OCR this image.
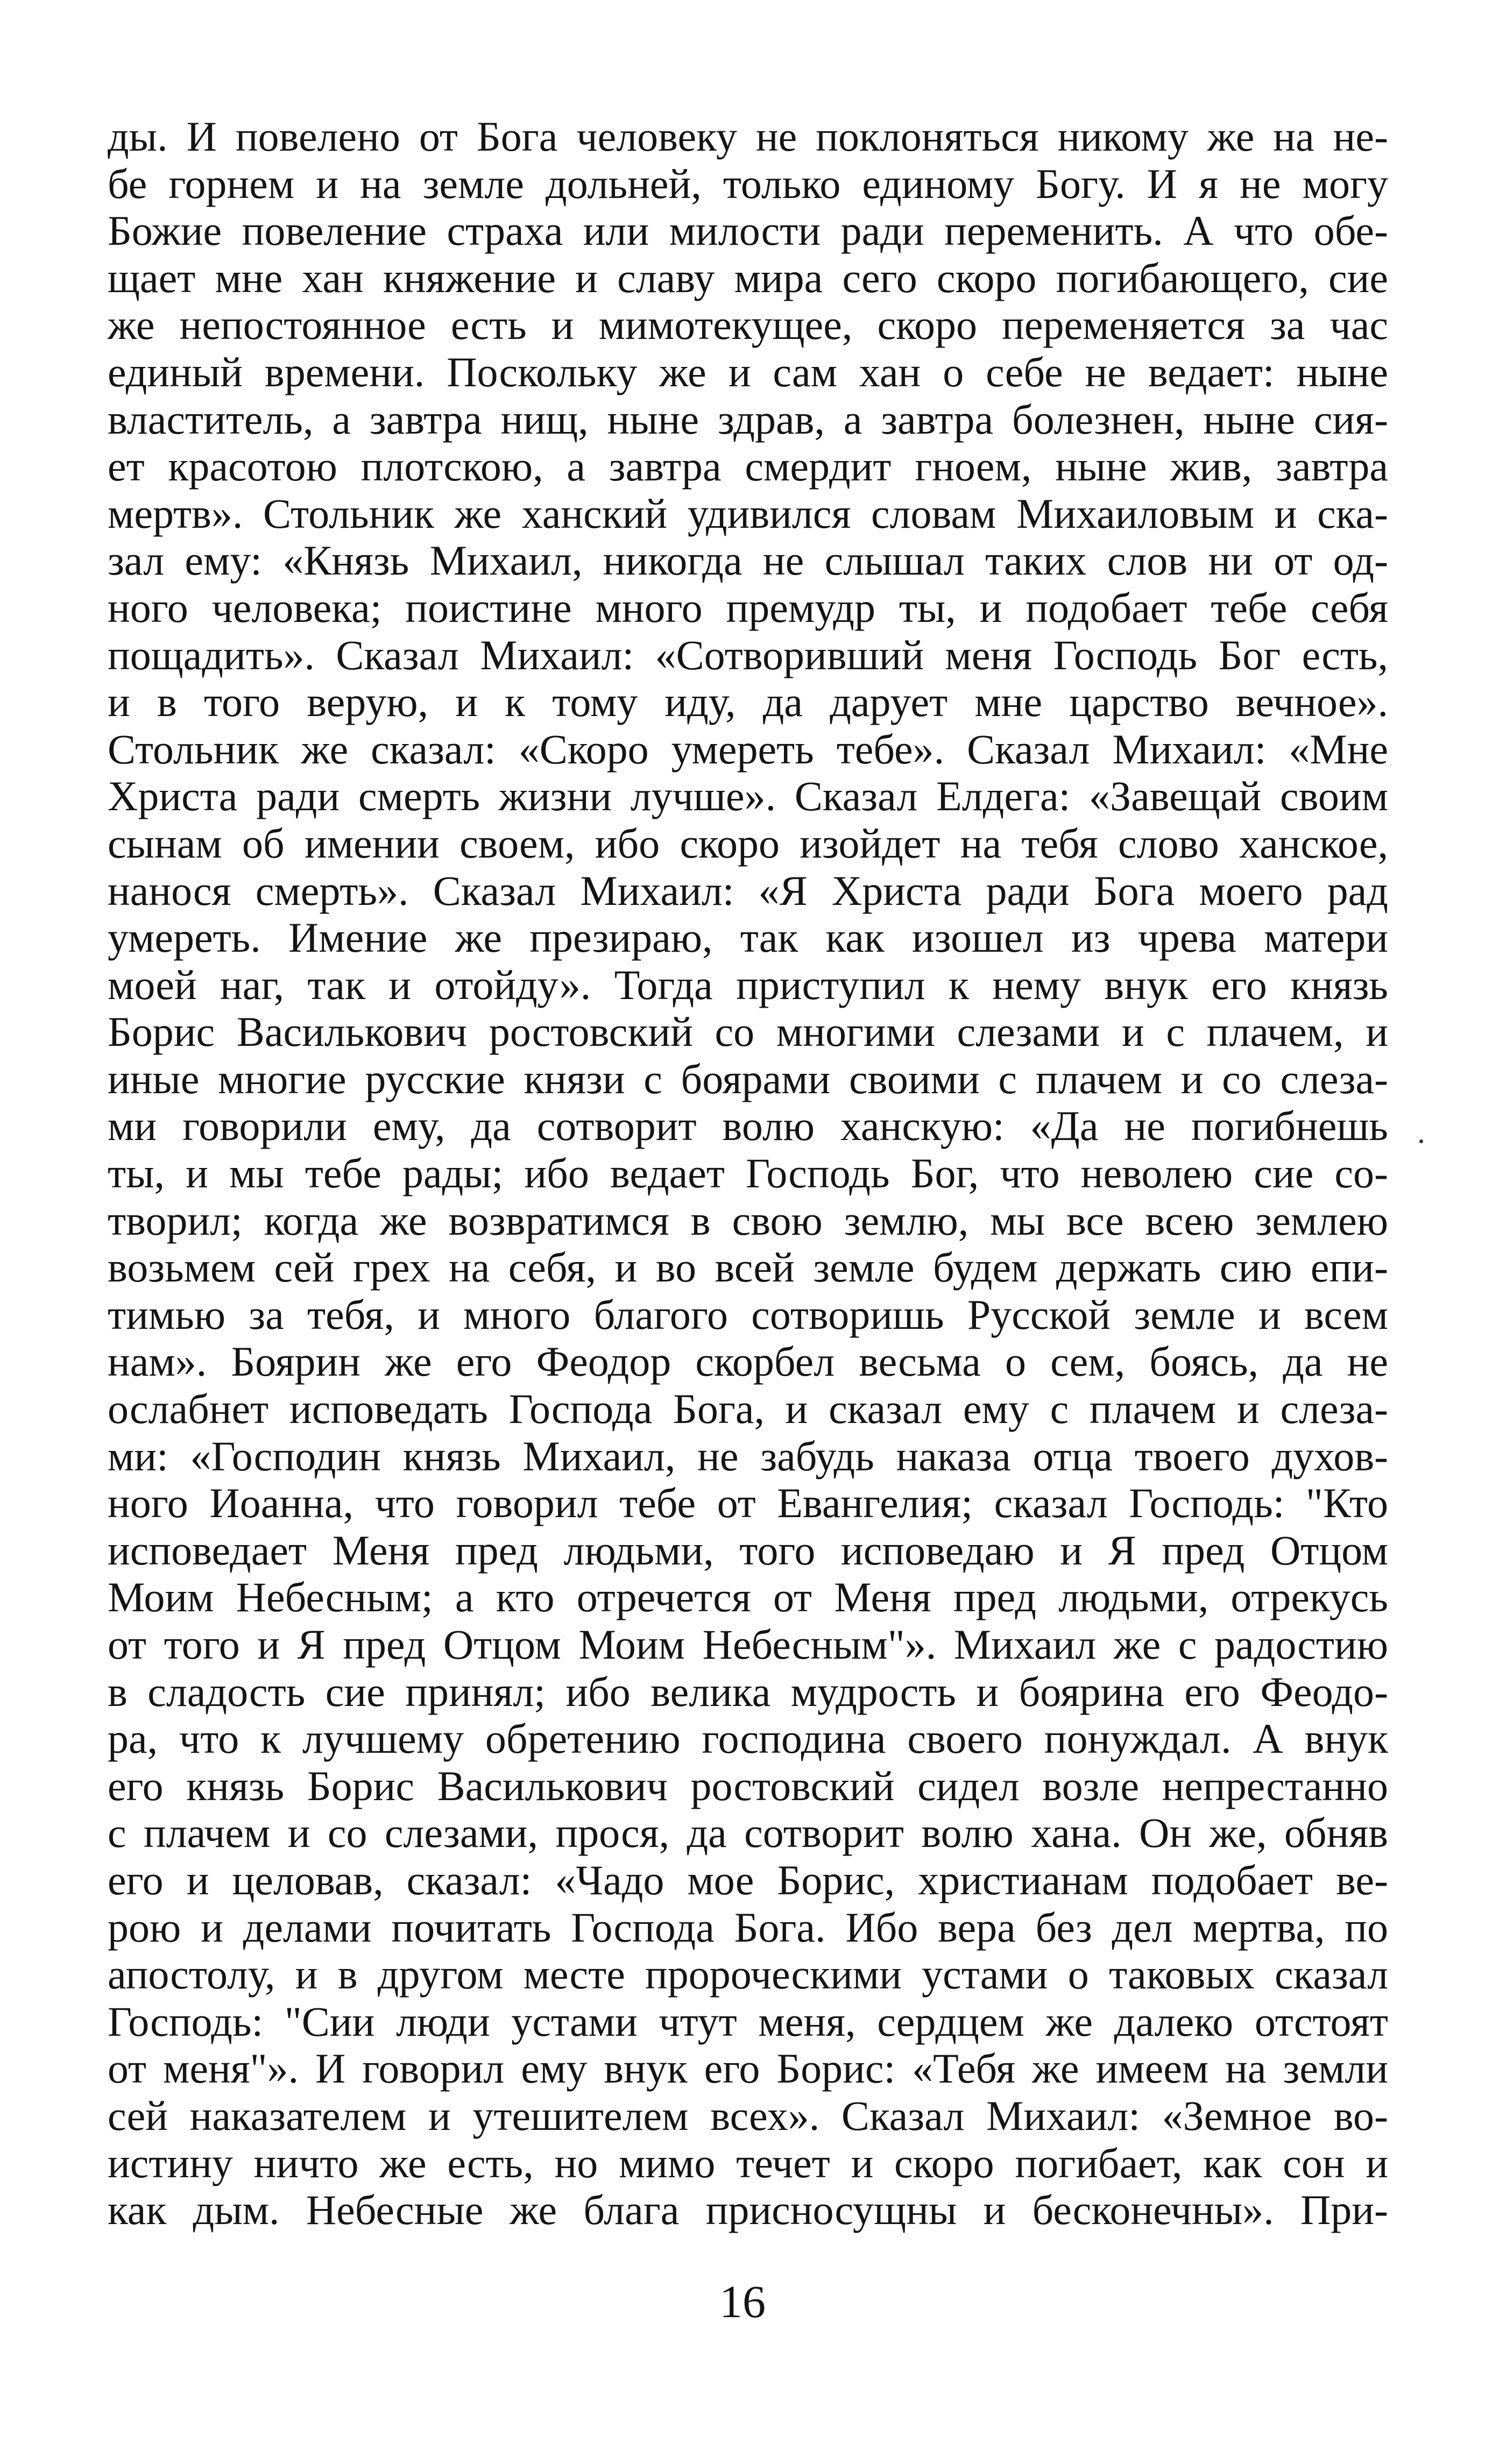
ды. И повелено от Бога человеку не поклоняться никому же на не-
бе горнем и на земле дольней, только единому Богу. И я не могу
Божие повеление страха или милости ради переменить. А что обе-
щает мне хан княжение и славу мира сего скоро погибающего, сие
же непостоянное есть и мимотекущее, скоро переменяется за час
единый времени. Поскольку же и сам хан о себе не ведает: ныне
властитель, а завтра нищ, ныне здрав, а завтра болезнен, ныне сия-
ет красотою плотскою, а завтра смердит гноем, ныне жив, завтра
мертв». Стольник же ханский удивился словам Михаиловым и ска-
зал ему: «Князь Михаил, никогда не слышал таких слов ни от од-
ного человека; поистине много премудр ты, и подобает тебе себя
пощадить». Сказал Михаил: «Сотворивший меня Господь Бог есть,
и в того верую, и к тому иду, да дарует мне царство вечное».
Стольник же сказал: «Скоро умереть тебе». Сказал Михаил: «Мне
Христа ради смерть жизни лучше». Сказал Елдега: «Завещай своим
сынам об имении своем, ибо скоро изойдет на тебя слово ханское,
нанося смерть». Сказал Михаил: «Я Христа ради Бога моего рад
умереть. Имение же презираю, так как изошел из чрева матери
моей наг, так и отойду». Тогда приступил к нему внук его князь
Борис Василькович ростовский со многими слезами и с плачем, и
иные многие русские князи с боярами своими с плачем и со слеза-
ми говорили ему, да сотворит волю ханскую: «Да не погибнешь
ты, и мы тебе рады; ибо ведает Господь Бог, что неволею сие со-
творил; когда же возвратимся в свою землю, мы все всею землею
возьмем сей грех на себя, и во всей земле будем держать сию епи-
тимью за тебя, и много благого сотворишь Русской земле и всем
нам». Боярин же его Феодор скорбел весьма о сем, боясь, да не
ослабнет исповедать Господа Бога, и сказал ему с плачем и слеза-
ми: «Господин князь Михаил, не забудь наказа отца твоего духов-
ного Иоанна, что говорил тебе от Евангелия; сказал Господь: "Кто
исповедает Меня пред людьми, того исповедаю и Я пред Отцом
Моим Небесным; а кто отречется от Меня пред людьми, отрекусь
от того и Я пред Отцом Моим Небесным"». Михаил же с радостию
в сладость сие принял; ибо велика мудрость и боярина его Феодо-
ра, что к лучшему обретению господина своего понуждал. А внук
его князь Борис Василькович ростовский сидел возле непрестанно
с плачем и со слезами, прося, да сотворит волю хана. Он же, обняв
его и целовав, сказал: «Чадо мое Борис, христианам подобает ве-
рою и делами почитать Господа Бога. Ибо вера без дел мертва, по
апостолу, и в другом месте пророческими устами о таковых сказал
Господь: "Сии люди устами чтут меня, сердцем же далеко отстоят
от меня"». И говорил ему внук его Борис: «Тебя же имеем на земли
сей наказателем и утешителем всех». Сказал Михаил: «Земное во-
истину ничто же есть, но мимо течет и скоро погибает, как сон и
как дым. Небесные же блага присносущны и бесконечны». При-
16
